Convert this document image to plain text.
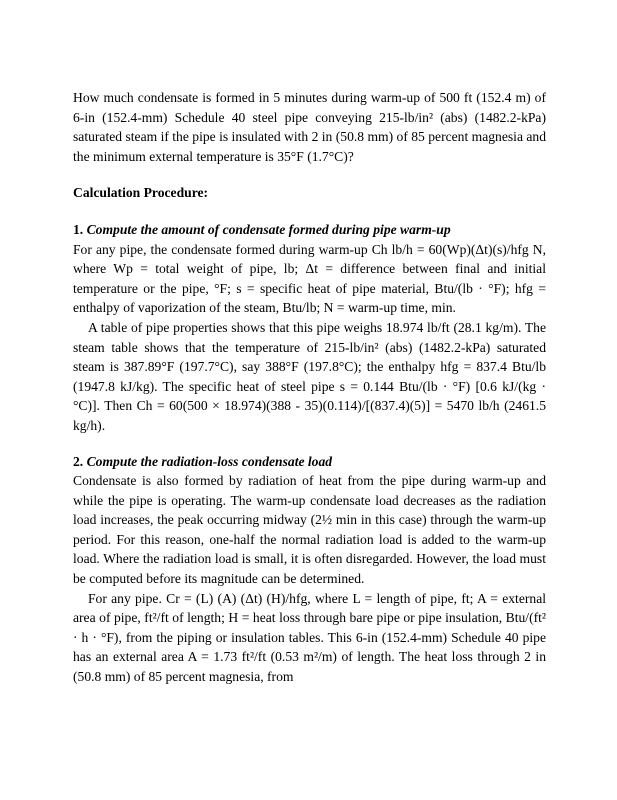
How much condensate is formed in 5 minutes during warm-up of 500 ft (152.4 m) of 6-in (152.4-mm) Schedule 40 steel pipe conveying 215-lb/in² (abs) (1482.2-kPa) saturated steam if the pipe is insulated with 2 in (50.8 mm) of 85 percent magnesia and the minimum external temperature is 35°F (1.7°C)?

Calculation Procedure:

1. Compute the amount of condensate formed during pipe warm-up

For any pipe, the condensate formed during warm-up Ch lb/h = 60(Wp)(Δt)(s)/hfg N, where Wp = total weight of pipe, lb; Δt = difference between final and initial temperature or the pipe, °F; s = specific heat of pipe material, Btu/(lb · °F); hfg = enthalpy of vaporization of the steam, Btu/lb; N = warm-up time, min.

A table of pipe properties shows that this pipe weighs 18.974 lb/ft (28.1 kg/m). The steam table shows that the temperature of 215-lb/in² (abs) (1482.2-kPa) saturated steam is 387.89°F (197.7°C), say 388°F (197.8°C); the enthalpy hfg = 837.4 Btu/lb (1947.8 kJ/kg). The specific heat of steel pipe s = 0.144 Btu/(lb · °F) [0.6 kJ/(kg · °C)]. Then Ch = 60(500 × 18.974)(388 - 35)(0.114)/[(837.4)(5)] = 5470 lb/h (2461.5 kg/h).

2. Compute the radiation-loss condensate load

Condensate is also formed by radiation of heat from the pipe during warm-up and while the pipe is operating. The warm-up condensate load decreases as the radiation load increases, the peak occurring midway (2½ min in this case) through the warm-up period. For this reason, one-half the normal radiation load is added to the warm-up load. Where the radiation load is small, it is often disregarded. However, the load must be computed before its magnitude can be determined.

For any pipe. Cr = (L) (A) (Δt) (H)/hfg, where L = length of pipe, ft; A = external area of pipe, ft²/ft of length; H = heat loss through bare pipe or pipe insulation, Btu/(ft² · h · °F), from the piping or insulation tables. This 6-in (152.4-mm) Schedule 40 pipe has an external area A = 1.73 ft²/ft (0.53 m²/m) of length. The heat loss through 2 in (50.8 mm) of 85 percent magnesia, from
